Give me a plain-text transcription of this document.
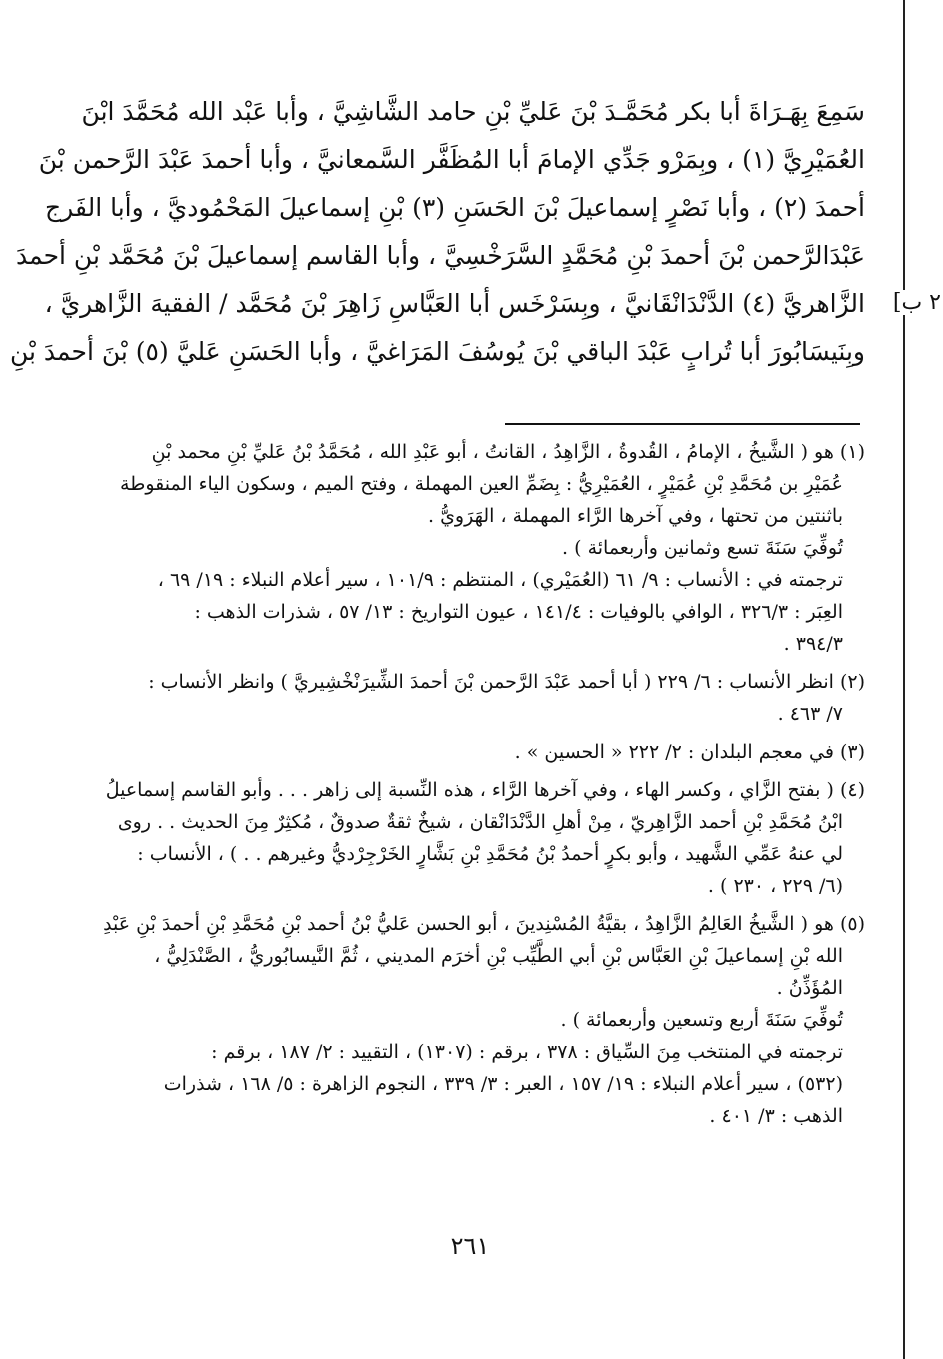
٢ ب]
سَمِعَ بِهَـرَاةَ أبا بكر مُحَمَّـدَ بْنَ عَليِّ بْنِ حامد الشَّاشِيَّ ، وأبا عَبْد الله مُحَمَّدَ ابْنَ
العُمَيْرِيَّ (١) ، وبِمَرْو جَدِّي الإمامَ أبا المُظَفَّر السَّمعانيَّ ، وأبا أحمدَ عَبْدَ الرَّحمن بْنَ
أحمدَ (٢) ، وأبا نَصْرٍ إسماعيلَ بْنَ الحَسَنِ (٣) بْنِ إسماعيلَ المَحْمُوديَّ ، وأبا الفَرج
عَبْدَالرَّحمن بْنَ أحمدَ بْنِ مُحَمَّدٍ السَّرَخْسِيَّ ، وأبا القاسم إسماعيلَ بْنَ مُحَمَّد بْنِ أحمدَ
الزَّاهريَّ (٤) الدَّنْدَانْقَانيَّ ، وبِسَرْخَس أبا العَبَّاسِ زَاهِرَ بْنَ مُحَمَّد / الفقيهَ الزَّاهريَّ ،
وبِنَيسَابُورَ أبا تُرابٍ عَبْدَ الباقي بْنَ يُوسُفَ المَرَاغيَّ ، وأبا الحَسَنِ عَليَّ (٥) بْنَ أحمدَ بْنِ
(١) هو ( الشَّيخُ ، الإمامُ ، القُدوةُ ، الزَّاهِدُ ، القانتُ ، أبو عَبْدِ الله ، مُحَمَّدُ بْنُ عَليِّ بْنِ محمد بْنِ
عُمَيْرِ بن مُحَمَّدِ بْنِ عُمَيْرٍ ، العُمَيْرِيُّ : بِضَمِّ العين المهملة ، وفتح الميم ، وسكون الياء المنقوطة
باثنتين من تحتها ، وفي آخرها الرَّاء المهملة ، الهَرَويُّ .
تُوفِّيَ سَنَةَ تسع وثمانين وأربعمائة ) .
ترجمته في : الأنساب : ٩/ ٦١ (العُمَيْري) ، المنتظم : ١٠١/٩ ، سير أعلام النبلاء : ١٩/ ٦٩ ،
العِبَر : ٣٢٦/٣ ، الوافي بالوفيات : ١٤١/٤ ، عيون التواريخ : ١٣/ ٥٧ ، شذرات الذهب :
٣٩٤/٣ .
(٢) انظر الأنساب : ٦/ ٢٢٩ ( أبا أحمد عَبْدَ الرَّحمن بْنَ أحمدَ الشِّيرَنْخْشِيريَّ ) وانظر الأنساب :
٧/ ٤٦٣ .
(٣) في معجم البلدان : ٢/ ٢٢٢ « الحسين » .
(٤) ( بفتح الزَّاي ، وكسر الهاء ، وفي آخرها الرَّاء ، هذه النِّسبة إلى زاهر . . . وأبو القاسم إسماعيلُ
ابْنُ مُحَمَّدِ بْنِ أحمد الزَّاهِريّ ، مِنْ أهلِ الدَّنْدَانْقان ، شيخٌ ثقةٌ صدوقٌ ، مُكثِرٌ مِنَ الحديث . . روى
لي عنهُ عَمِّي الشَّهيد ، وأبو بكرٍ أحمدُ بْنُ مُحَمَّدِ بْنِ بَشَّارٍ الخَرْجِرْديُّ وغيرهم . . ) ، الأنساب :
(٦/ ٢٢٩ ، ٢٣٠ ) .
(٥) هو ( الشَّيخُ العَالِمُ الزَّاهِدُ ، بقيَّةُ المُسْنِدينَ ، أبو الحسن عَليُّ بْنُ أحمد بْنِ مُحَمَّدِ بْنِ أحمدَ بْنِ عَبْدِ
الله بْنِ إسماعيلَ بْنِ العَبَّاس بْنِ أبي الطَّيِّب بْنِ أخرَم المديني ، ثُمَّ النَّيسابُوريُّ ، الصَّنْدَلِيُّ ،
المُؤَذِّنُ .
تُوفِّيَ سَنَةَ أربع وتسعين وأربعمائة ) .
ترجمته في المنتخب مِنَ السِّياق : ٣٧٨ ، برقم : (١٣٠٧) ، التقييد : ٢/ ١٨٧ ، برقم :
(٥٣٢) ، سير أعلام النبلاء : ١٩/ ١٥٧ ، العبر : ٣/ ٣٣٩ ، النجوم الزاهرة : ٥/ ١٦٨ ، شذرات
الذهب : ٣/ ٤٠١ .
٢٦١
